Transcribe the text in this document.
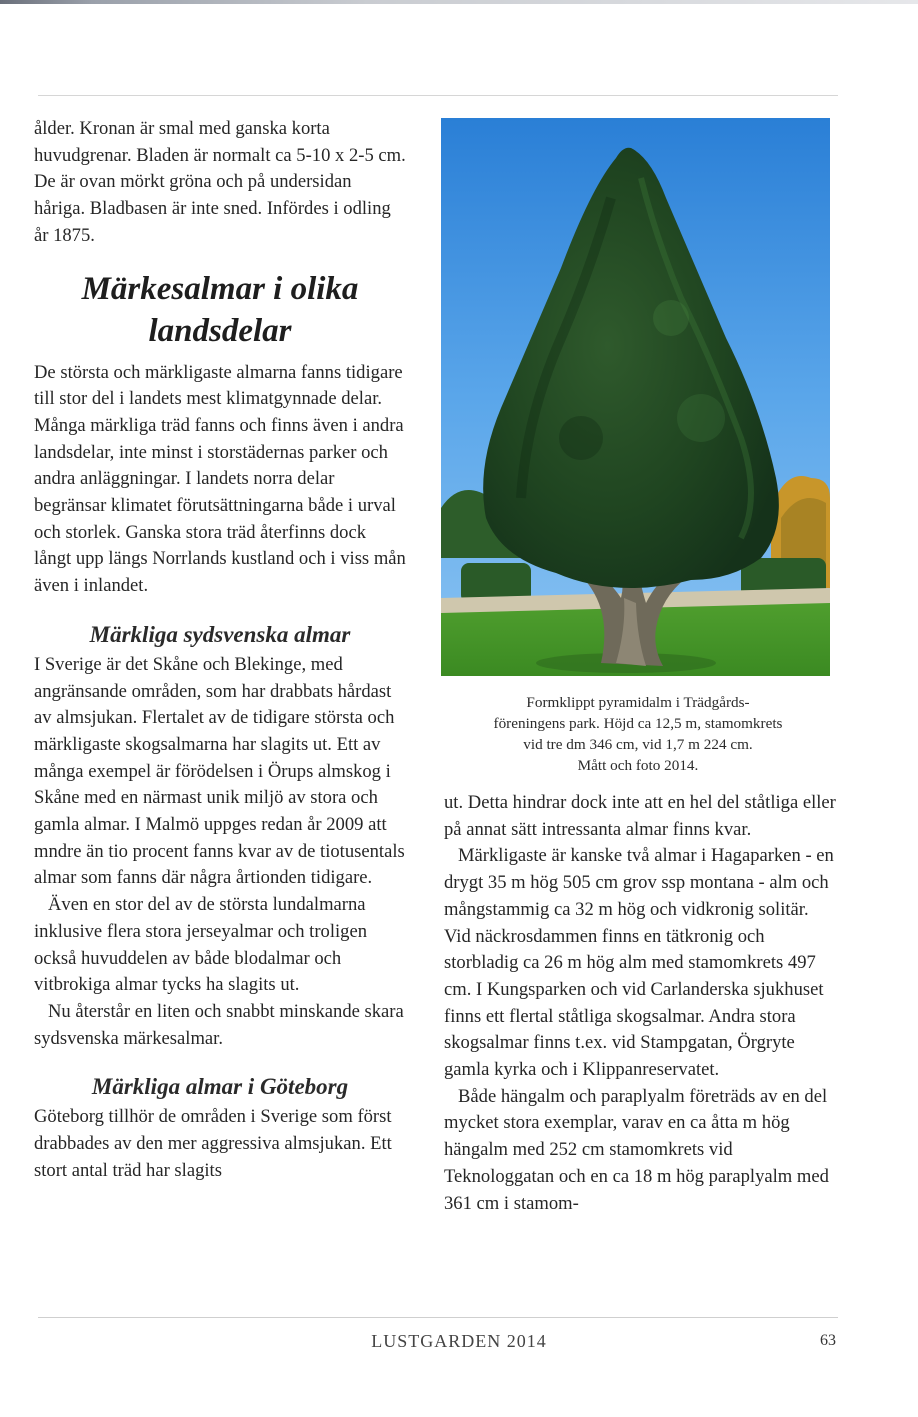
ålder. Kronan är smal med ganska korta huvudgrenar. Bladen är normalt ca 5-10 x 2-5 cm. De är ovan mörkt gröna och på undersidan håriga. Bladbasen är inte sned. Infördes i odling år 1875.

Märkesalmar i olika landsdelar

De största och märkligaste almarna fanns tidigare till stor del i landets mest klimatgynnade delar. Många märkliga träd fanns och finns även i andra landsdelar, inte minst i storstädernas parker och andra anläggningar. I landets norra delar begränsar klimatet förutsättningarna både i urval och storlek. Ganska stora träd återfinns dock långt upp längs Norrlands kustland och i viss mån även i inlandet.

Märkliga sydsvenska almar

I Sverige är det Skåne och Blekinge, med angränsande områden, som har drabbats hårdast av almsjukan. Flertalet av de tidigare största och märkligaste skogsalmarna har slagits ut. Ett av många exempel är förödelsen i Örups almskog i Skåne med en närmast unik miljö av stora och gamla almar. I Malmö uppges redan år 2009 att mndre än tio procent fanns kvar av de tiotusentals almar som fanns där några årtionden tidigare.

Även en stor del av de största lundalmarna inklusive flera stora jerseyalmar och troligen också huvuddelen av både blodalmar och vitbrokiga almar tycks ha slagits ut.

Nu återstår en liten och snabbt minskande skara sydsvenska märkesalmar.

Märkliga almar i Göteborg

Göteborg tillhör de områden i Sverige som först drabbades av den mer aggressiva almsjukan. Ett stort antal träd har slagits

Formklippt pyramidalm i Trädgårds-
föreningens park. Höjd ca 12,5 m, stamomkrets
vid tre dm 346 cm, vid 1,7 m 224 cm.
Mått och foto 2014.

ut. Detta hindrar dock inte att en hel del ståtliga eller på annat sätt intressanta almar finns kvar.

Märkligaste är kanske två almar i Hagaparken - en drygt 35 m hög 505 cm grov ssp montana - alm och mångstammig ca 32 m hög och vidkronig solitär. Vid näckrosdammen finns en tätkronig och storbladig ca 26 m hög alm med stamomkrets 497 cm. I Kungsparken och vid Carlanderska sjukhuset finns ett flertal ståtliga skogsalmar. Andra stora skogsalmar finns t.ex. vid Stampgatan, Örgryte gamla kyrka och i Klippanreservatet.

Både hängalm och paraplyalm företräds av en del mycket stora exemplar, varav en ca åtta m hög hängalm med 252 cm stamomkrets vid Teknologgatan och en ca 18 m hög paraplyalm med 361 cm i stamom-

LUSTGARDEN 2014	63
